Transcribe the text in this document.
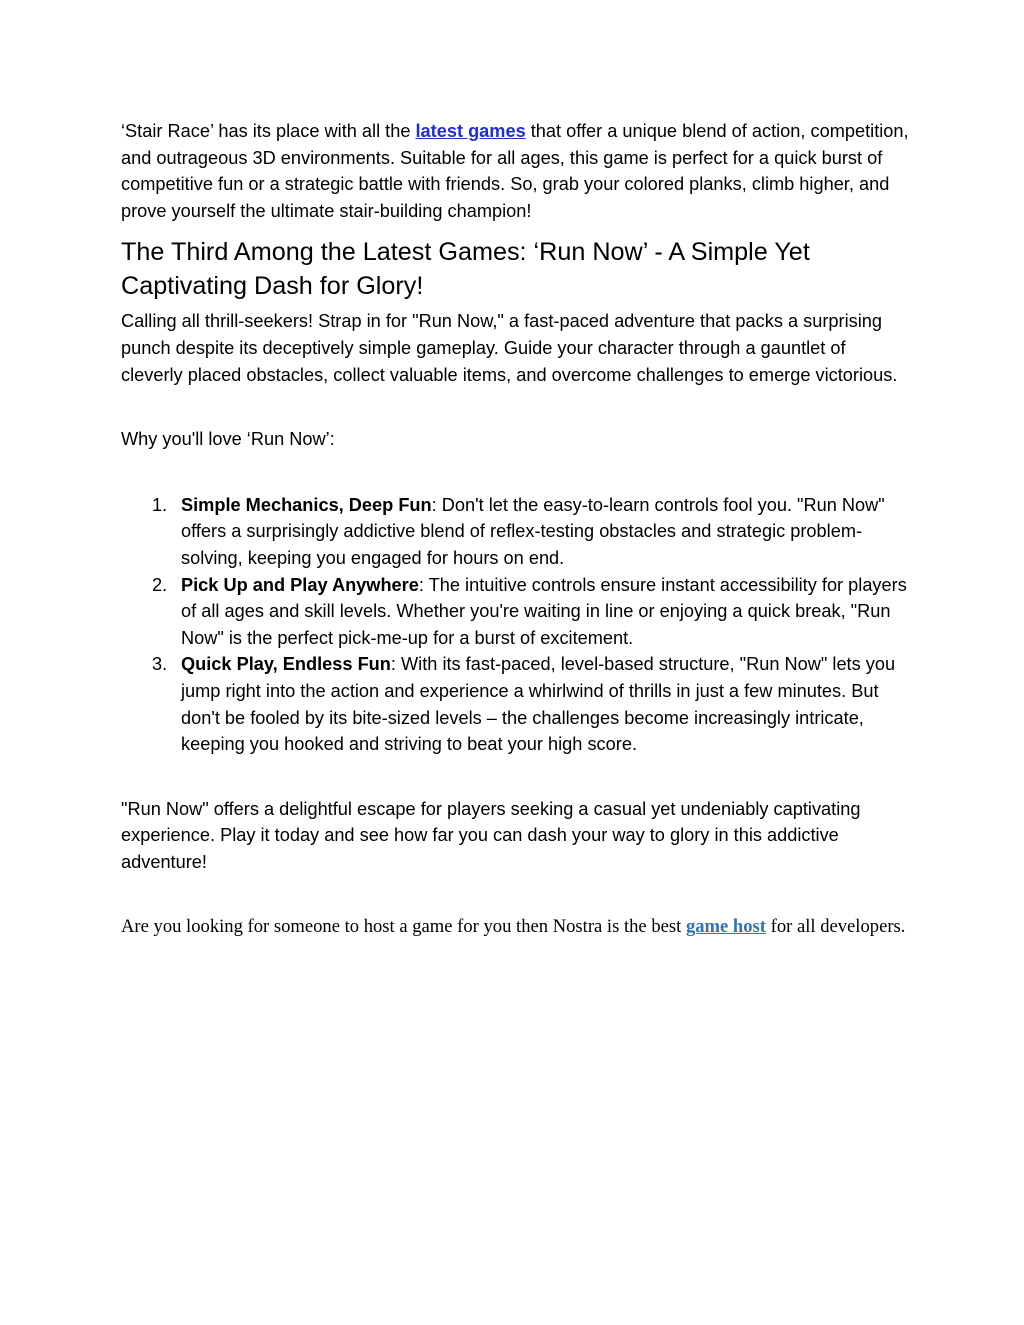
‘Stair Race’ has its place with all the latest games that offer a unique blend of action, competition, and outrageous 3D environments. Suitable for all ages, this game is perfect for a quick burst of competitive fun or a strategic battle with friends. So, grab your colored planks, climb higher, and prove yourself the ultimate stair-building champion!

The Third Among the Latest Games: ‘Run Now’ - A Simple Yet Captivating Dash for Glory!

Calling all thrill-seekers! Strap in for "Run Now," a fast-paced adventure that packs a surprising punch despite its deceptively simple gameplay. Guide your character through a gauntlet of cleverly placed obstacles, collect valuable items, and overcome challenges to emerge victorious.

Why you'll love ‘Run Now’:

1. Simple Mechanics, Deep Fun: Don't let the easy-to-learn controls fool you. "Run Now" offers a surprisingly addictive blend of reflex-testing obstacles and strategic problem-solving, keeping you engaged for hours on end.
2. Pick Up and Play Anywhere: The intuitive controls ensure instant accessibility for players of all ages and skill levels. Whether you're waiting in line or enjoying a quick break, "Run Now" is the perfect pick-me-up for a burst of excitement.
3. Quick Play, Endless Fun: With its fast-paced, level-based structure, "Run Now" lets you jump right into the action and experience a whirlwind of thrills in just a few minutes. But don't be fooled by its bite-sized levels – the challenges become increasingly intricate, keeping you hooked and striving to beat your high score.

"Run Now" offers a delightful escape for players seeking a casual yet undeniably captivating experience. Play it today and see how far you can dash your way to glory in this addictive adventure!

Are you looking for someone to host a game for you then Nostra is the best game host for all developers.
